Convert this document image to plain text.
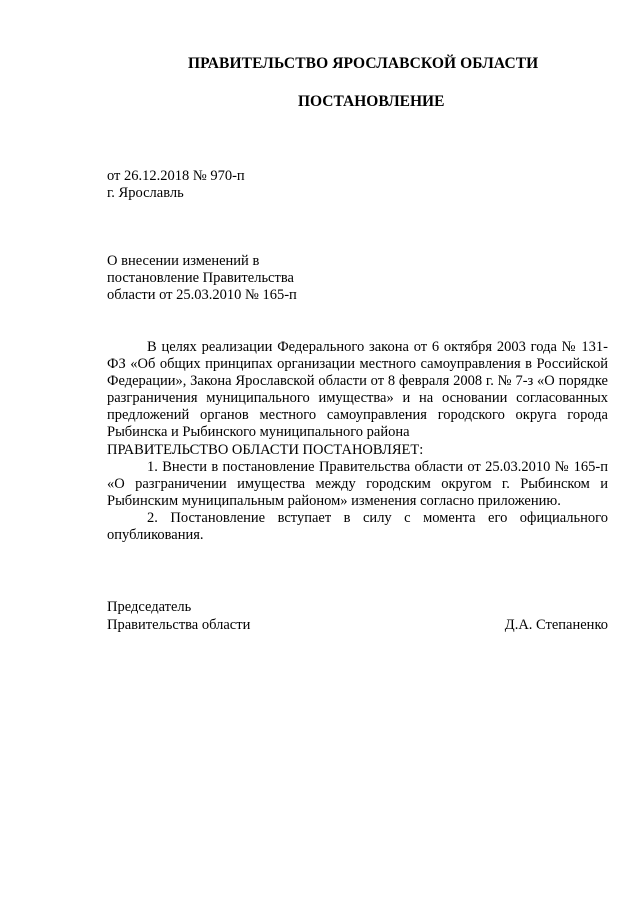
ПРАВИТЕЛЬСТВО ЯРОСЛАВСКОЙ ОБЛАСТИ
ПОСТАНОВЛЕНИЕ
от 26.12.2018 № 970-п
г. Ярославль
О внесении изменений в
постановление Правительства
области от 25.03.2010 № 165-п

В целях реализации Федерального закона от 6 октября 2003 года № 131-ФЗ «Об общих принципах организации местного самоуправления в Российской Федерации», Закона Ярославской области от 8 февраля 2008 г. № 7-з «О порядке разграничения муниципального имущества» и на основании согласованных предложений органов местного самоуправления городского округа города Рыбинска и Рыбинского муниципального района

ПРАВИТЕЛЬСТВО ОБЛАСТИ ПОСТАНОВЛЯЕТ:

1. Внести в постановление Правительства области от 25.03.2010 № 165-п «О разграничении имущества между городским округом г. Рыбинском и Рыбинским муниципальным районом» изменения согласно приложению.

2. Постановление вступает в силу с момента его официального опубликования.

Председатель
Правительства области	Д.А. Степаненко
